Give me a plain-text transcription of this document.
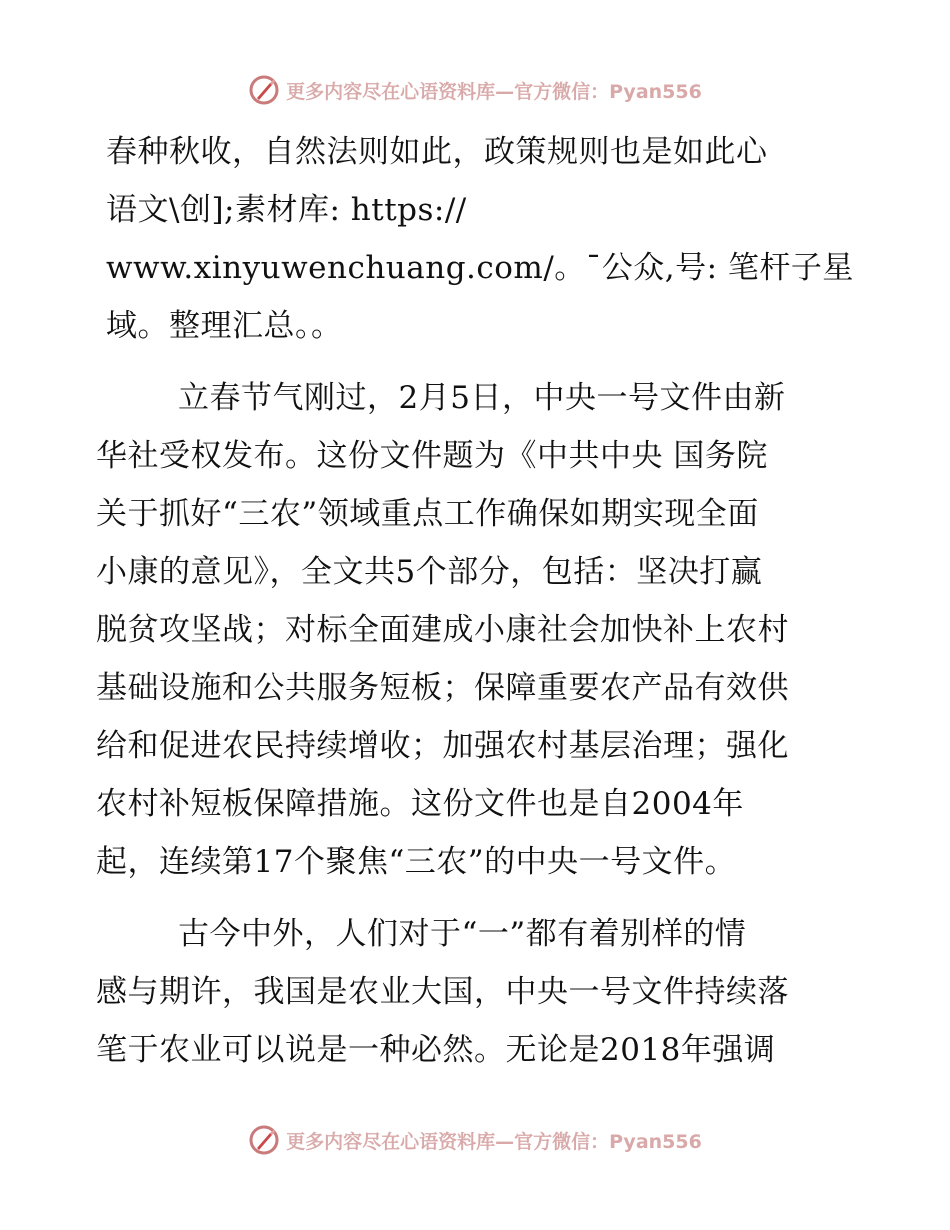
更多内容尽在心语资料库—官方微信：Pyan556

春种秋收，自然法则如此，政策规则也是如此心
语文\创];素材库: https://
www.xinyuwenchuang.com/。¯公众,号: 笔杆子星
域。整理汇总。。

立春节气刚过，2月5日，中央一号文件由新
华社受权发布。这份文件题为《中共中央 国务院
关于抓好“三农”领域重点工作确保如期实现全面
小康的意见》，全文共5个部分，包括：坚决打赢
脱贫攻坚战；对标全面建成小康社会加快补上农村
基础设施和公共服务短板；保障重要农产品有效供
给和促进农民持续增收；加强农村基层治理；强化
农村补短板保障措施。这份文件也是自2004年
起，连续第17个聚焦“三农”的中央一号文件。

古今中外，人们对于“一”都有着别样的情
感与期许，我国是农业大国，中央一号文件持续落
笔于农业可以说是一种必然。无论是2018年强调

更多内容尽在心语资料库—官方微信：Pyan556
